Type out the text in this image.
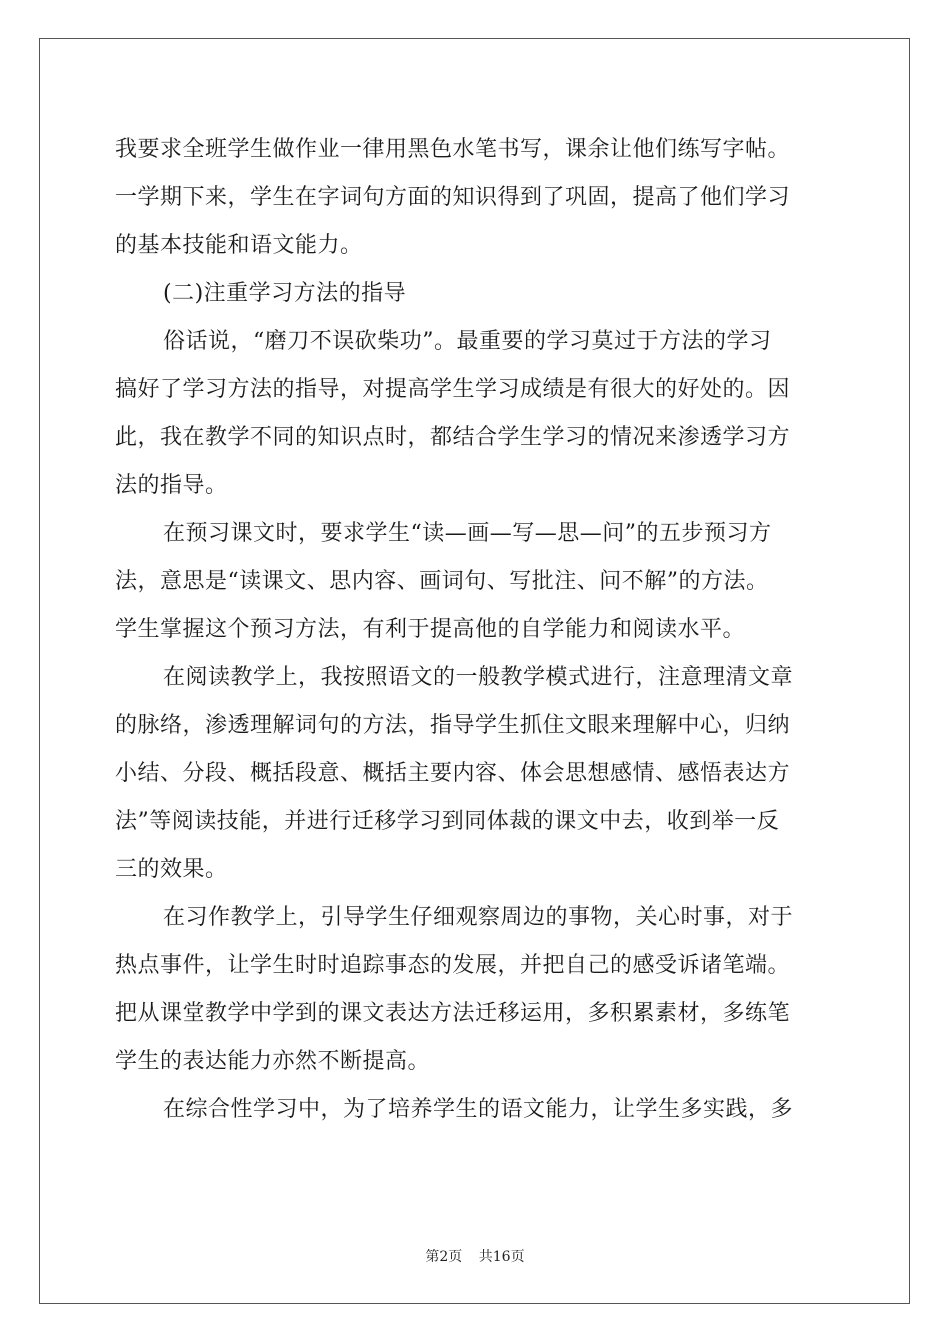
我要求全班学生做作业一律用黑色水笔书写，课余让他们练写字帖。
一学期下来，学生在字词句方面的知识得到了巩固，提高了他们学习
的基本技能和语文能力。
(二)注重学习方法的指导
俗话说，“磨刀不误砍柴功”。最重要的学习莫过于方法的学习
搞好了学习方法的指导，对提高学生学习成绩是有很大的好处的。因
此，我在教学不同的知识点时，都结合学生学习的情况来渗透学习方
法的指导。
在预习课文时，要求学生“读—画—写—思—问”的五步预习方
法，意思是“读课文、思内容、画词句、写批注、问不解”的方法。
学生掌握这个预习方法，有利于提高他的自学能力和阅读水平。
在阅读教学上，我按照语文的一般教学模式进行，注意理清文章
的脉络，渗透理解词句的方法，指导学生抓住文眼来理解中心，归纳
小结、分段、概括段意、概括主要内容、体会思想感情、感悟表达方
法”等阅读技能，并进行迁移学习到同体裁的课文中去，收到举一反
三的效果。
在习作教学上，引导学生仔细观察周边的事物，关心时事，对于
热点事件，让学生时时追踪事态的发展，并把自己的感受诉诸笔端。
把从课堂教学中学到的课文表达方法迁移运用，多积累素材，多练笔
学生的表达能力亦然不断提高。
在综合性学习中，为了培养学生的语文能力，让学生多实践，多
第2页 共16页
